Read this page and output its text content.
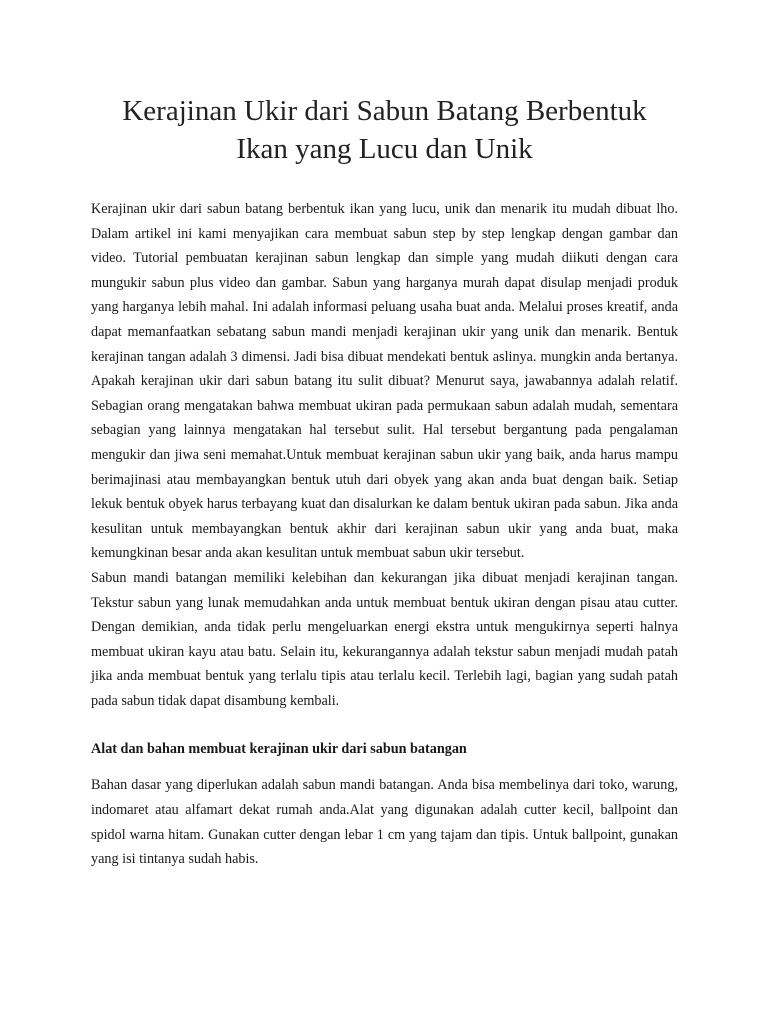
Kerajinan Ukir dari Sabun Batang Berbentuk
Ikan yang Lucu dan Unik

Kerajinan ukir dari sabun batang berbentuk ikan yang lucu, unik dan menarik itu mudah dibuat lho. Dalam artikel ini kami menyajikan cara membuat sabun step by step lengkap dengan gambar dan video. Tutorial pembuatan kerajinan sabun lengkap dan simple yang mudah diikuti dengan cara mungukir sabun plus video dan gambar. Sabun yang harganya murah dapat disulap menjadi produk yang harganya lebih mahal. Ini adalah informasi peluang usaha buat anda. Melalui proses kreatif, anda dapat memanfaatkan sebatang sabun mandi menjadi kerajinan ukir yang unik dan menarik. Bentuk kerajinan tangan adalah 3 dimensi. Jadi bisa dibuat mendekati bentuk aslinya. mungkin anda bertanya. Apakah kerajinan ukir dari sabun batang itu sulit dibuat? Menurut saya, jawabannya adalah relatif. Sebagian orang mengatakan bahwa membuat ukiran pada permukaan sabun adalah mudah, sementara sebagian yang lainnya mengatakan hal tersebut sulit. Hal tersebut bergantung pada pengalaman mengukir dan jiwa seni memahat.Untuk membuat kerajinan sabun ukir yang baik, anda harus mampu berimajinasi atau membayangkan bentuk utuh dari obyek yang akan anda buat dengan baik. Setiap lekuk bentuk obyek harus terbayang kuat dan disalurkan ke dalam bentuk ukiran pada sabun. Jika anda kesulitan untuk membayangkan bentuk akhir dari kerajinan sabun ukir yang anda buat, maka kemungkinan besar anda akan kesulitan untuk membuat sabun ukir tersebut.

Sabun mandi batangan memiliki kelebihan dan kekurangan jika dibuat menjadi kerajinan tangan. Tekstur sabun yang lunak memudahkan anda untuk membuat bentuk ukiran dengan pisau atau cutter. Dengan demikian, anda tidak perlu mengeluarkan energi ekstra untuk mengukirnya seperti halnya membuat ukiran kayu atau batu. Selain itu, kekurangannya adalah tekstur sabun menjadi mudah patah jika anda membuat bentuk yang terlalu tipis atau terlalu kecil. Terlebih lagi, bagian yang sudah patah pada sabun tidak dapat disambung kembali.

Alat dan bahan membuat kerajinan ukir dari sabun batangan

Bahan dasar yang diperlukan adalah sabun mandi batangan. Anda bisa membelinya dari toko, warung, indomaret atau alfamart dekat rumah anda.Alat yang digunakan adalah cutter kecil, ballpoint dan spidol warna hitam. Gunakan cutter dengan lebar 1 cm yang tajam dan tipis. Untuk ballpoint, gunakan yang isi tintanya sudah habis.
